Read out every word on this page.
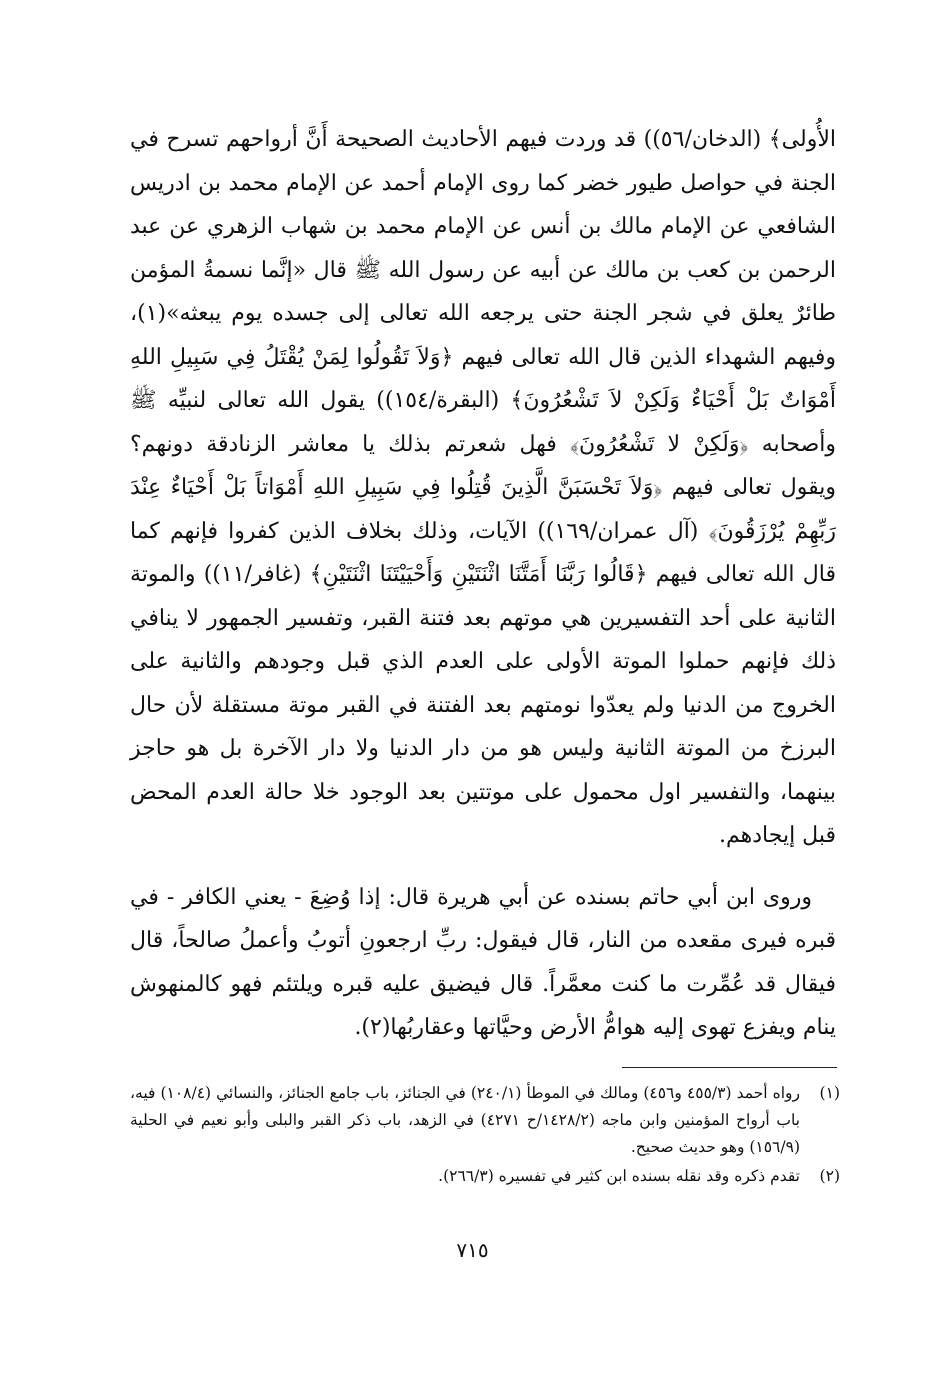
الأُولى﴾ (الدخان/٥٦)) قد وردت فيهم الأحاديث الصحيحة أَنَّ أرواحهم تسرح في الجنة في حواصل طيور خضر كما روى الإمام أحمد عن الإمام محمد بن ادريس الشافعي عن الإمام مالك بن أنس عن الإمام محمد بن شهاب الزهري عن عبد الرحمن بن كعب بن مالك عن أبيه عن رسول الله ﷺ قال «إنَّما نسمةُ المؤمن طائرٌ يعلق في شجر الجنة حتى يرجعه الله تعالى إلى جسده يوم يبعثه»(١)، وفيهم الشهداء الذين قال الله تعالى فيهم ﴿وَلاَ تَقُولُوا لِمَنْ يُقْتَلُ فِي سَبِيلِ اللهِ أَمْوَاتٌ بَلْ أَحْيَاءٌ وَلَكِنْ لاَ تَشْعُرُونَ﴾ (البقرة/١٥٤)) يقول الله تعالى لنبيِّه ﷺ وأصحابه ﴿وَلَكِنْ لا تَشْعُرُونَ﴾ فهل شعرتم بذلك يا معاشر الزنادقة دونهم؟ ويقول تعالى فيهم ﴿وَلاَ تَحْسَبَنَّ الَّذِينَ قُتِلُوا فِي سَبِيلِ اللهِ أَمْوَاتاً بَلْ أَحْيَاءٌ عِنْدَ رَبِّهِمْ يُرْزَقُونَ﴾ (آل عمران/١٦٩)) الآيات، وذلك بخلاف الذين كفروا فإنهم كما قال الله تعالى فيهم ﴿قَالُوا رَبَّنَا أَمَتَّنَا اثْنَتَيْنِ وَأَحْيَيْتَنَا اثْنَتَيْنِ﴾ (غافر/١١)) والموتة الثانية على أحد التفسيرين هي موتهم بعد فتنة القبر، وتفسير الجمهور لا ينافي ذلك فإنهم حملوا الموتة الأولى على العدم الذي قبل وجودهم والثانية على الخروج من الدنيا ولم يعدّوا نومتهم بعد الفتنة في القبر موتة مستقلة لأن حال البرزخ من الموتة الثانية وليس هو من دار الدنيا ولا دار الآخرة بل هو حاجز بينهما، والتفسير اول محمول على موتتين بعد الوجود خلا حالة العدم المحض قبل إيجادهم.

وروى ابن أبي حاتم بسنده عن أبي هريرة قال: إذا وُضِعَ - يعني الكافر - في قبره فيرى مقعده من النار، قال فيقول: ربِّ ارجعونِ أتوبُ وأعملُ صالحاً، قال فيقال قد عُمِّرت ما كنت معمَّراً. قال فيضيق عليه قبره ويلتئم فهو كالمنهوش ينام ويفزع تهوى إليه هوامُّ الأرض وحيَّاتها وعقاربُها(٢).

(١)
رواه أحمد (٤٥٥/٣ و٤٥٦) ومالك في الموطأ (٢٤٠/١) في الجنائز، باب جامع الجنائز، والنسائي (١٠٨/٤) فيه، باب أرواح المؤمنين وابن ماجه (١٤٢٨/٢/ح ٤٢٧١) في الزهد، باب ذكر القبر والبلى وأبو نعيم في الحلية (١٥٦/٩) وهو حديث صحيح.
(٢)
تقدم ذكره وقد نقله بسنده ابن كثير في تفسيره (٢٦٦/٣).
٧١٥
